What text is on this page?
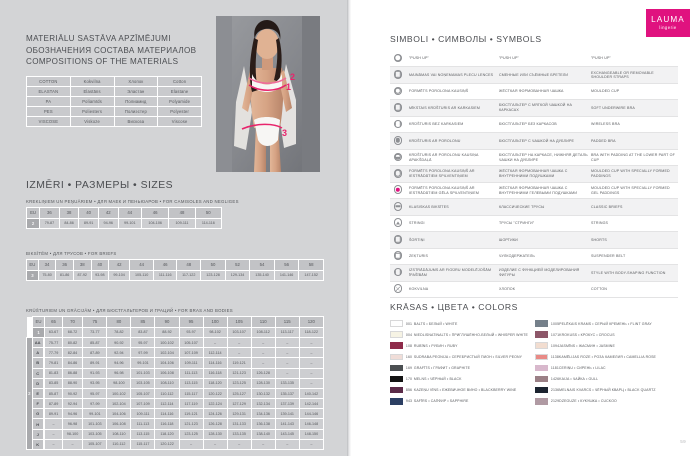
MATERIĀLU SASTĀVA APZĪMĒJUMI
ОБОЗНАЧЕНИЯ СОСТАВА МАТЕРИАЛОВ
COMPOSITIONS OF THE MATERIALS
COTTON	Kokvilna	Хлопок	Cotton
ELASTAN	Elastāns	Эластан	Elastane
PA	Poliamīds	Полиамид	Polyamide
PES	Poliesters	Полиэстер	Polyester
VISCOSE	Viskoze	Вискоза	Viscose
2
1
3
IZMĒRI • РАЗМЕРЫ • SIZES
KREKLIŅIEM UN PEŅUĀRIEM • ДЛЯ МАЕК И ПЕНЬЮАРОВ • FOR CAMISOLES AND NEGLIGES
EU	36	38	40	42	44	46	48	50
2	79-87	84-86	89-91	94-96	99-101	104-106	109-111	114-116
BIKSĪTĒM • ДЛЯ ТРУСОВ • FOR BRIEFS
EU	34	36	38	40	42	44	46	48	50	52	54	56	58
3	75-80	81-86	87-92	93-98	99-104	105-110	111-116	117-122	123-128	129-134	135-140	141-146	147-152
KRŪŠTURIEM UN GRĀCIJĀM • ДЛЯ БЮСТГАЛЬТЕРОВ И ГРАЦИЙ • FOR BRAS AND BODIES
	EU	65	70	75	80	85	90	95	100	105	110	115	120
	1	63-67	68-72	73-77	78-82	83-87	88-92	93-97	98-102	103-107	108-112	113-117	118-122
2	AA		75-77	80-82	85-87	90-92	95-97	100-102	105-107	–	–	–	–	–
	A		77-79	82-84	87-89	92-94	97-99	102-104	107-109	112-114	–	–	–	–
	B		79-81	84-86	89-91	94-96	99-101	104-106	109-111	114-116	119-121	–	–	–
	C		81-83	86-88	91-93	96-98	101-103	106-108	111-113	116-118	121-123	126-128	–	–
	D		83-85	88-90	93-95	98-100	103-105	108-110	113-115	118-120	123-125	128-130	133-135	–
	E		85-87	90-92	95-97	100-102	105-107	110-112	115-117	120-122	125-127	130-132	135-137	140-142
	F		87-89	92-94	97-99	102-104	107-109	112-114	117-119	122-124	127-129	132-134	137-139	142-144
	G		89-91	94-96	99-101	104-106	109-111	114-116	119-121	124-126	129-131	134-136	139-141	144-146
	H		–	96-98	101-103	106-108	111-113	116-118	121-123	126-128	131-133	136-138	141-143	146-148
	J		–	98-100	103-105	108-110	113-115	118-120	123-125	128-130	133-135	138-140	143-145	148-150
	K		–	–	105-107	110-112	115-117	120-122	–	–	–	–	–	–
LAUMA
lingerie
SIMBOLI • СИМВОЛЫ • SYMBOLS
	"PUSH UP"	"PUSH UP"	"PUSH UP"
	MAINĀMAS VAI NOŅEMAMAS PLECU LENCES	СМЕННЫЕ ИЛИ СЪЁМНЫЕ БРЕТЕЛИ	EXCHANGEABLE OR REMOVABLE SHOULDER STRAPS
	FORMĒTS POROLONA KAUSIŅŠ	ЖЁСТКАЯ ФОРМОВАННАЯ ЧАШКА	MOULDED CUP
	MĪKSTAIS KRŪŠTURIS AR KARKASIEM	БЮСТГАЛЬТЕР С МЯГКОЙ ЧАШКОЙ НА КАРКАСАХ	SOFT UNDERWIRE BRA
	KRŪŠTURIS BEZ KARKASIEM	БЮСТГАЛЬТЕР БЕЗ КАРКАСОВ	WIRELESS BRA
	KRŪŠTURIS AR POROLONU	БЮСТГАЛЬТЕР С ЧАШКОЙ НА ДУБЛИРЕ	PADDED BRA
	KRŪŠTURIS AR POROLONU KAUSIŅA APAKŠDAĻĀ	БЮСТГАЛЬТЕР НА КАРКАСЕ, НИЖНЯЯ ДЕТАЛЬ ЧАШКИ НА ДУБЛИРЕ	BRA WITH PADDING AT THE LOWER PART OF CUP
	FORMĒTS POROLONA KAUSIŅŠ AR IESTRĀDĀTIEM SPILVENTIŅIEM	ЖЁСТКАЯ ФОРМОВАННАЯ ЧАШКА С ВНУТРЕННИМИ ПОДУШКАМИ	MOULDED CUP WITH SPECIALLY FORMED PADDINGS
	FORMĒTS POROLONA KAUSIŅŠ AR IESTRĀDĀTIEM GĒLA SPILVENTIŅIEM	ЖЁСТКАЯ ФОРМОВАННАЯ ЧАШКА С ВНУТРЕННИМИ ГЕЛЕВЫМИ ПОДУШКАМИ	MOULDED CUP WITH SPECIALLY FORMED GEL PADDINGS
	KLASISKAS BIKSĪTES	КЛАССИЧЕСКИЕ ТРУСЫ	CLASSIC BRIEFS
	STRINGI	ТРУСЫ "СТРИНГИ"	STRINGS
	ŠORTIŅI	ШОРТИКИ	SHORTS
	ZEĶTURIS	ЧУЛКОДЕРЖАТЕЛЬ	SUSPENDER BELT
	IZSTRĀDĀJUMS AR FIGŪRU MODELĒJOŠĀM ĪPAŠĪBĀM	ИЗДЕЛИЕ С ФУНКЦИЕЙ МОДЕЛИРОВАНИЯ ФИГУРЫ	STYLE WITH BODY-SHAPING FUNCTION
	KOKVILNA	ХЛОПОК	COTTON
KRĀSAS • ЦВЕТА • COLORS
001 BALTS • БЕЛЫЙ • WHITE
004 NIEDLISNATINALTS • ПРИГЛУШЁННО-БЕЛЫЙ • WHISPER WHITE
108 RUBĪNS • РУБИН • RUBY
160 SUDRABA PEONIJA • СЕРЕБРИСТЫЙ ПИОН • SILVER PEONY
169 GRAFĪTS • ГРАФИТ • GRAPHITE
170 MELNS • ЧЁРНЫЙ • BLACK
856 KAZEŅU VĪNS • ЕЖЕВИЧНОЕ ВИНО • BLACKBERRY WINE
943 SAFĪRS • САПФИР • SAPPHIRE
1005 PELĒKAIS KRAMS • СЕРЫЙ КРЕМЕНЬ • FLINT GRAY
1071 KROKUSS • КРОКУС • CROCUS
1094 JASMĪNS • ЖАСМИН • JASMINE
1138 KAMĒLIJAS ROZE • РОЗА КАМЕЛИЯ • CAMELLIA ROSE
1181 CERIŅU • СИРЕНЬ • LILAC
1426 KAIJA • ЧАЙКА • GULL
2136 MELNAIS KVARCS • ЧЁРНЫЙ КВАРЦ • BLACK QUARTZ
2129 DZEGUZE • КУКУШКА • CUCKOO
59
